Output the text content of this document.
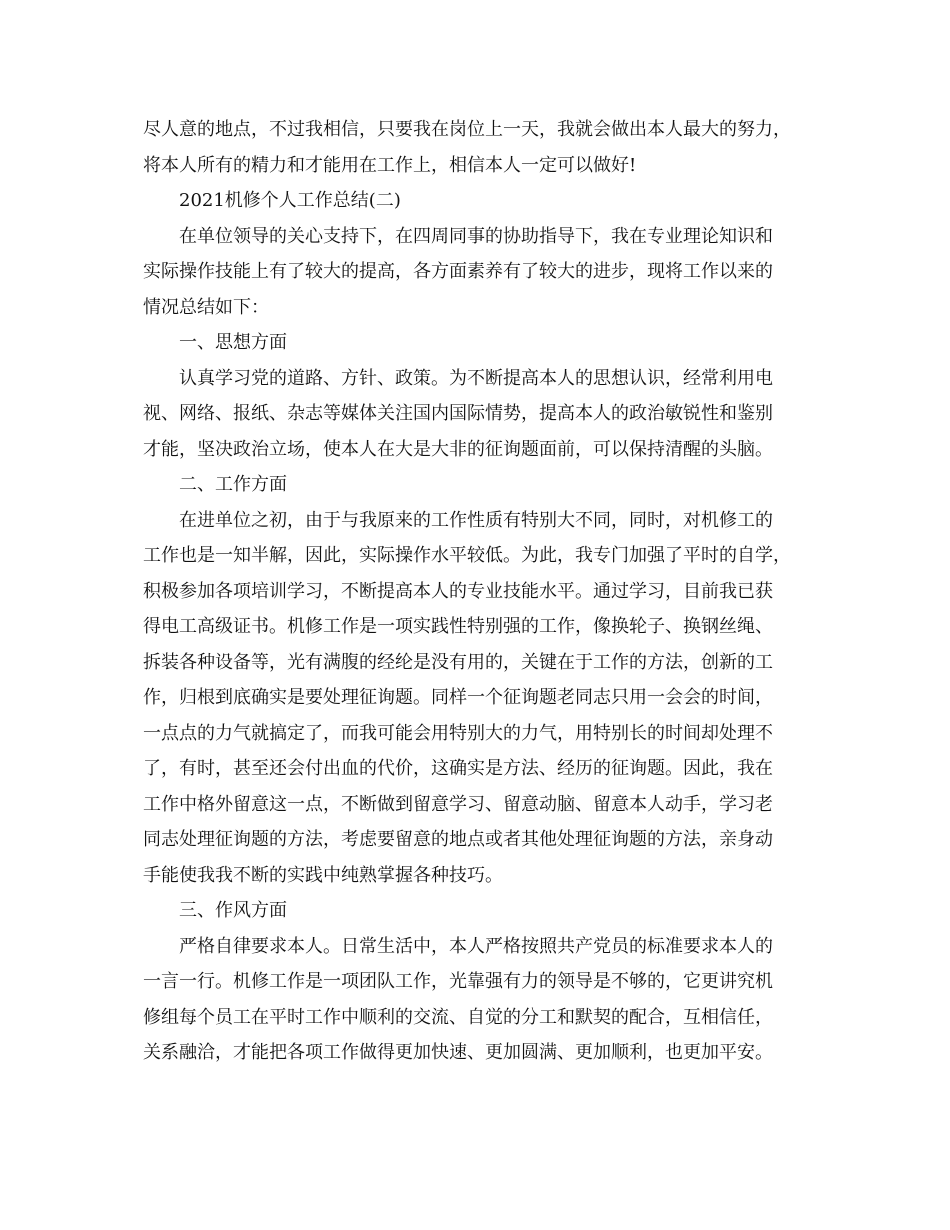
尽人意的地点，不过我相信，只要我在岗位上一天，我就会做出本人最大的努力，
将本人所有的精力和才能用在工作上，相信本人一定可以做好!
2021机修个人工作总结(二)
在单位领导的关心支持下，在四周同事的协助指导下，我在专业理论知识和
实际操作技能上有了较大的提高，各方面素养有了较大的进步，现将工作以来的
情况总结如下：
一、思想方面
认真学习党的道路、方针、政策。为不断提高本人的思想认识，经常利用电
视、网络、报纸、杂志等媒体关注国内国际情势，提高本人的政治敏锐性和鉴别
才能，坚决政治立场，使本人在大是大非的征询题面前，可以保持清醒的头脑。
二、工作方面
在进单位之初，由于与我原来的工作性质有特别大不同，同时，对机修工的
工作也是一知半解，因此，实际操作水平较低。为此，我专门加强了平时的自学，
积极参加各项培训学习，不断提高本人的专业技能水平。通过学习，目前我已获
得电工高级证书。机修工作是一项实践性特别强的工作，像换轮子、换钢丝绳、
拆装各种设备等，光有满腹的经纶是没有用的，关键在于工作的方法，创新的工
作，归根到底确实是要处理征询题。同样一个征询题老同志只用一会会的时间，
一点点的力气就搞定了，而我可能会用特别大的力气，用特别长的时间却处理不
了，有时，甚至还会付出血的代价，这确实是方法、经历的征询题。因此，我在
工作中格外留意这一点，不断做到留意学习、留意动脑、留意本人动手，学习老
同志处理征询题的方法，考虑要留意的地点或者其他处理征询题的方法，亲身动
手能使我我不断的实践中纯熟掌握各种技巧。
三、作风方面
严格自律要求本人。日常生活中，本人严格按照共产党员的标准要求本人的
一言一行。机修工作是一项团队工作，光靠强有力的领导是不够的，它更讲究机
修组每个员工在平时工作中顺利的交流、自觉的分工和默契的配合，互相信任，
关系融洽，才能把各项工作做得更加快速、更加圆满、更加顺利，也更加平安。
